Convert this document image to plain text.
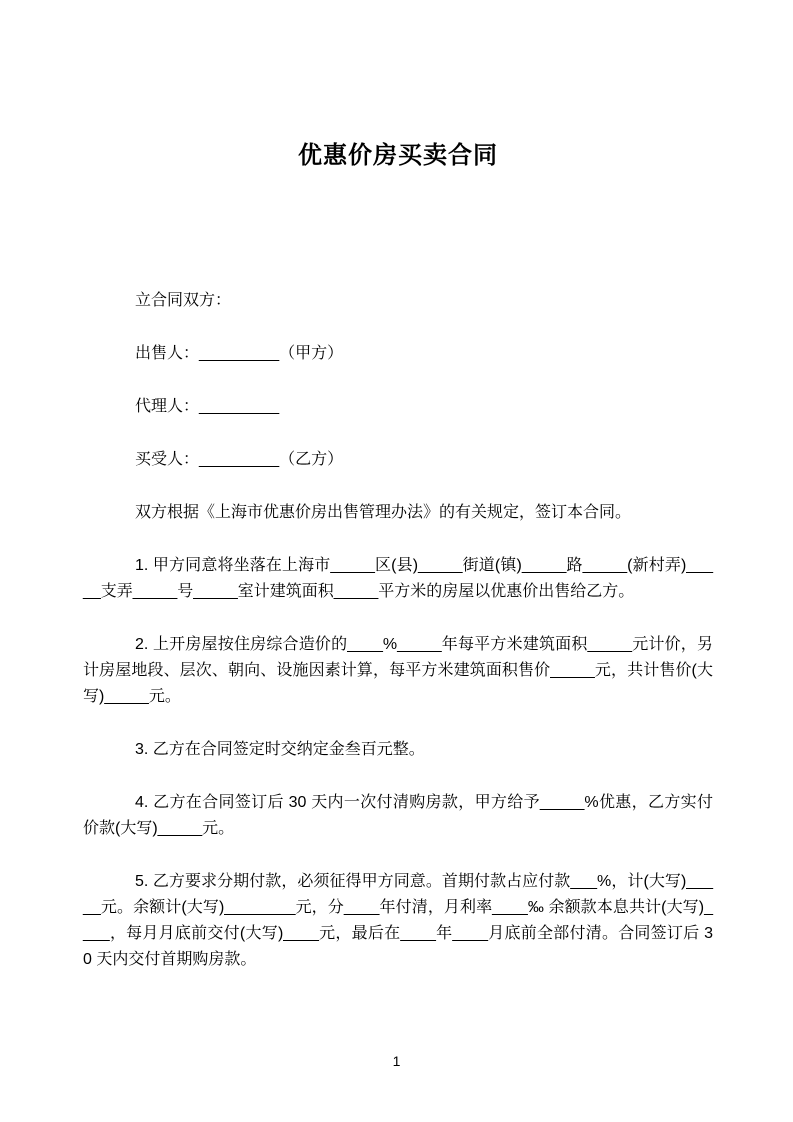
优惠价房买卖合同

立合同双方：

出售人：_________（甲方）

代理人：_________

买受人：_________（乙方）

双方根据《上海市优惠价房出售管理办法》的有关规定，签订本合同。

1. 甲方同意将坐落在上海市_____区(县)_____街道(镇)_____路_____(新村弄)_____支弄_____号_____室计建筑面积_____平方米的房屋以优惠价出售给乙方。

2. 上开房屋按住房综合造价的____%_____年每平方米建筑面积_____元计价，另计房屋地段、层次、朝向、设施因素计算，每平方米建筑面积售价_____元，共计售价(大写)_____元。

3. 乙方在合同签定时交纳定金叁百元整。

4. 乙方在合同签订后 30 天内一次付清购房款，甲方给予_____%优惠，乙方实付价款(大写)_____元。

5. 乙方要求分期付款，必须征得甲方同意。首期付款占应付款___%，计(大写)_____元。余额计(大写)________元，分____年付清，月利率____‰ 余额款本息共计(大写)____，每月月底前交付(大写)____元，最后在____年____月底前全部付清。合同签订后 30 天内交付首期购房款。

1
